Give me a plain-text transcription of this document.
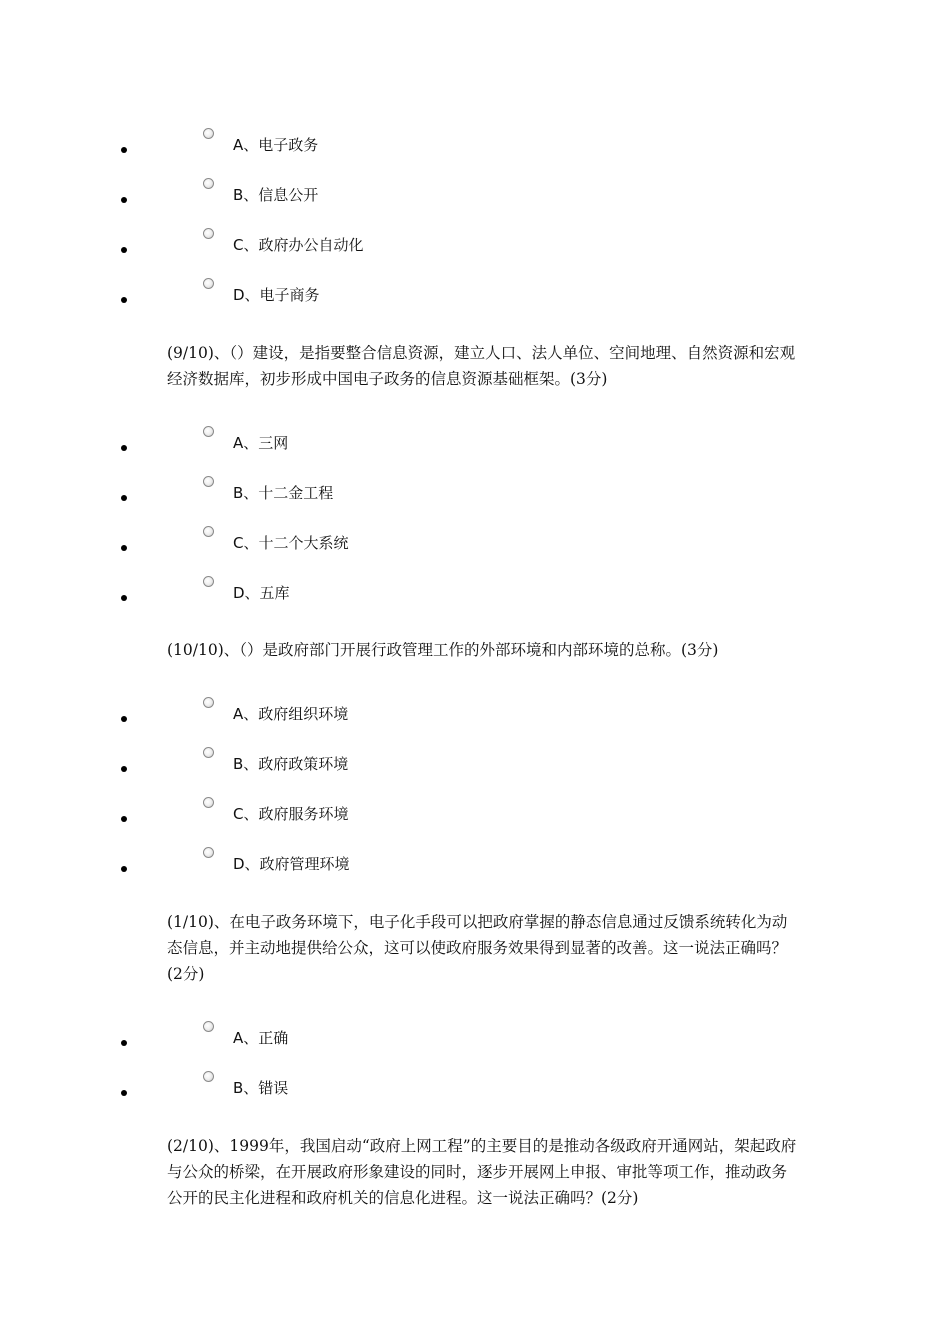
A、电子政务
B、信息公开
C、政府办公自动化
D、电子商务

(9/10)、（）建设，是指要整合信息资源，建立人口、法人单位、空间地理、自然资源和宏观经济数据库，初步形成中国电子政务的信息资源基础框架。(3分)

A、三网
B、十二金工程
C、十二个大系统
D、五库

(10/10)、（）是政府部门开展行政管理工作的外部环境和内部环境的总称。(3分)

A、政府组织环境
B、政府政策环境
C、政府服务环境
D、政府管理环境

(1/10)、在电子政务环境下，电子化手段可以把政府掌握的静态信息通过反馈系统转化为动态信息，并主动地提供给公众，这可以使政府服务效果得到显著的改善。这一说法正确吗？(2分)

A、正确
B、错误

(2/10)、1999年，我国启动“政府上网工程”的主要目的是推动各级政府开通网站，架起政府与公众的桥梁，在开展政府形象建设的同时，逐步开展网上申报、审批等项工作，推动政务公开的民主化进程和政府机关的信息化进程。这一说法正确吗？(2分)
